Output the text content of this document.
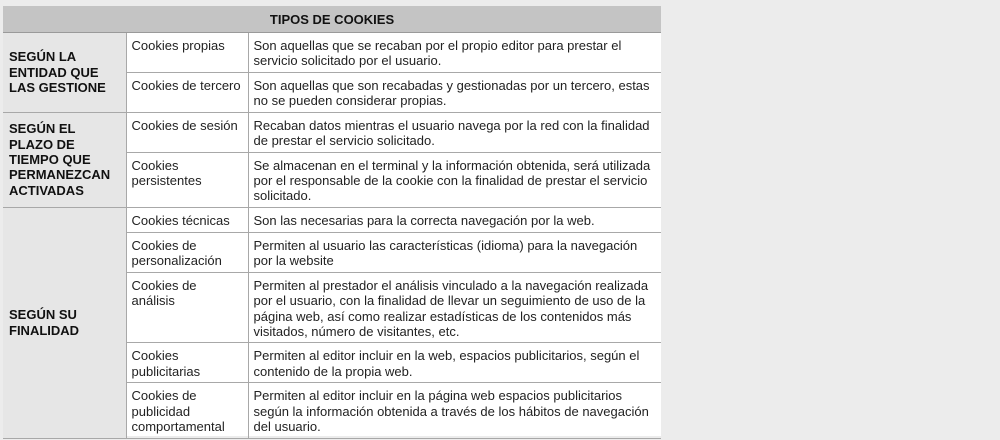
TIPOS DE COOKIES		
SEGÚN LA ENTIDAD QUE LAS GESTIONE	Cookies propias	Son aquellas que se recaban por el propio editor para prestar el servicio solicitado por el usuario.
	Cookies de tercero	Son aquellas que son recabadas y gestionadas por un tercero, estas no se pueden considerar propias.
SEGÚN EL PLAZO DE TIEMPO QUE PERMANEZCAN ACTIVADAS	Cookies de sesión	Recaban datos mientras el usuario navega por la red con la finalidad de prestar el servicio solicitado.
	Cookies persistentes	Se almacenan en el terminal y la información obtenida, será utilizada por el responsable de la cookie con la finalidad de prestar el servicio solicitado.
SEGÚN SU FINALIDAD	Cookies técnicas	Son las necesarias para la correcta navegación por la web.
	Cookies de personalización	Permiten al usuario las características (idioma) para la navegación por la website
	Cookies de análisis	Permiten al prestador el análisis vinculado a la navegación realizada por el usuario, con la finalidad de llevar un seguimiento de uso de la página web, así como realizar estadísticas de los contenidos más visitados, número de visitantes, etc.
	Cookies publicitarias	Permiten al editor incluir en la web, espacios publicitarios, según el contenido de la propia web.
	Cookies de publicidad comportamental	Permiten al editor incluir en la página web espacios publicitarios según la información obtenida a través de los hábitos de navegación del usuario.
